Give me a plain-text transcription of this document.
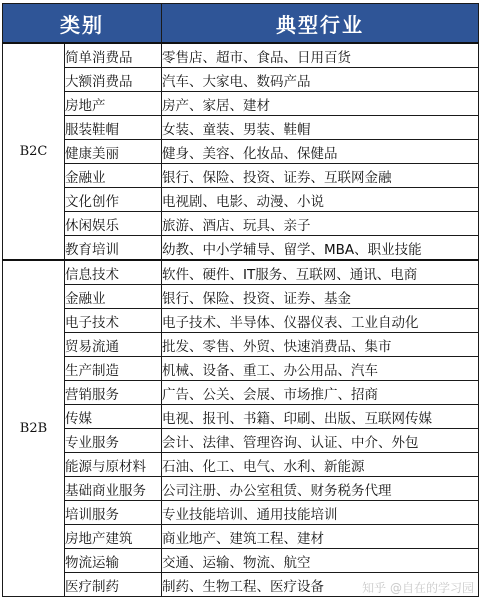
类别		典型行业
B2C	简单消费品	零售店、超市、食品、日用百货
	大额消费品	汽车、大家电、数码产品
	房地产	房产、家居、建材
	服装鞋帽	女装、童装、男装、鞋帽
	健康美丽	健身、美容、化妆品、保健品
	金融业	银行、保险、投资、证券、互联网金融
	文化创作	电视剧、电影、动漫、小说
	休闲娱乐	旅游、酒店、玩具、亲子
	教育培训	幼教、中小学辅导、留学、MBA、职业技能
B2B	信息技术	软件、硬件、IT服务、互联网、通讯、电商
	金融业	银行、保险、投资、证券、基金
	电子技术	电子技术、半导体、仪器仪表、工业自动化
	贸易流通	批发、零售、外贸、快速消费品、集市
	生产制造	机械、设备、重工、办公用品、汽车
	营销服务	广告、公关、会展、市场推广、招商
	传媒	电视、报刊、书籍、印刷、出版、互联网传媒
	专业服务	会计、法律、管理咨询、认证、中介、外包
	能源与原材料	石油、化工、电气、水利、新能源
	基础商业服务	公司注册、办公室租赁、财务税务代理
	培训服务	专业技能培训、通用技能培训
	房地产建筑	商业地产、建筑工程、建材
	物流运输	交通、运输、物流、航空
	医疗制药	制药、生物工程、医疗设备	知乎 @自在的学习园
